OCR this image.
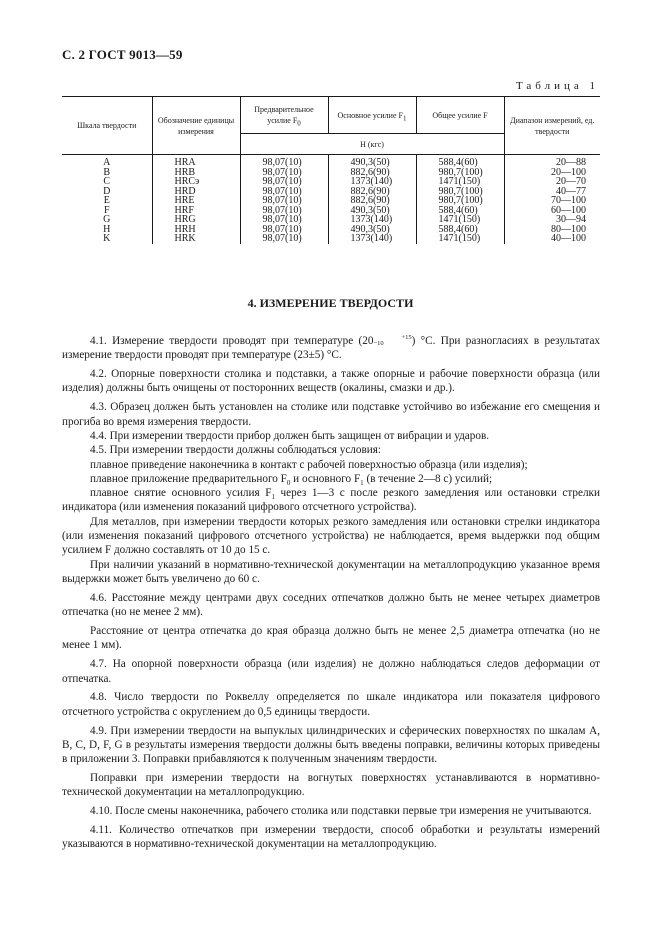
С. 2 ГОСТ 9013—59
Таблица 1
Шкала твердости	Обозначение единицы измерения	Предварительное усилие $F_0$	Основное усилие $F_1$	Общее усилие F	Диапазон измерений, ед. твердости
		Н (кгс)			
A	HRA	98,07(10)	490,3(50)	588,4(60)	20—88
B	HRB	98,07(10)	882,6(90)	980,7(100)	20—100
C	HRCэ	98,07(10)	1373(140)	1471(150)	20—70
D	HRD	98,07(10)	882,6(90)	980,7(100)	40—77
E	HRE	98,07(10)	882,6(90)	980,7(100)	70—100
F	HRF	98,07(10)	490,3(50)	588,4(60)	60—100
G	HRG	98,07(10)	1373(140)	1471(150)	30—94
H	HRH	98,07(10)	490,3(50)	588,4(60)	80—100
K	HRK	98,07(10)	1373(140)	1471(150)	40—100
4. ИЗМЕРЕНИЕ ТВЕРДОСТИ

4.1. Измерение твердости проводят при температуре (20	+15
−10	) °С. При разногласиях в результатах измерение твердости проводят при температуре (23±5) °С.

4.2. Опорные поверхности столика и подставки, а также опорные и рабочие поверхности образца (или изделия) должны быть очищены от посторонних веществ (окалины, смазки и др.).

4.3. Образец должен быть установлен на столике или подставке устойчиво во избежание его смещения и прогиба во время измерения твердости.

4.4. При измерении твердости прибор должен быть защищен от вибрации и ударов.

4.5. При измерении твердости должны соблюдаться условия:

плавное приведение наконечника в контакт с рабочей поверхностью образца (или изделия);

плавное приложение предварительного $F_0$ и основного $F_1$ (в течение 2—8 с) усилий;

плавное снятие основного усилия $F_1$ через 1—3 с после резкого замедления или остановки стрелки индикатора (или изменения показаний цифрового отсчетного устройства).

Для металлов, при измерении твердости которых резкого замедления или остановки стрелки индикатора (или изменения показаний цифрового отсчетного устройства) не наблюдается, время выдержки под общим усилием F должно составлять от 10 до 15 с.

При наличии указаний в нормативно-технической документации на металлопродукцию указанное время выдержки может быть увеличено до 60 с.

4.6. Расстояние между центрами двух соседних отпечатков должно быть не менее четырех диаметров отпечатка (но не менее 2 мм).

Расстояние от центра отпечатка до края образца должно быть не менее 2,5 диаметра отпечатка (но не менее 1 мм).

4.7. На опорной поверхности образца (или изделия) не должно наблюдаться следов деформации от отпечатка.

4.8. Число твердости по Роквеллу определяется по шкале индикатора или показателя цифрового отсчетного устройства с округлением до 0,5 единицы твердости.

4.9. При измерении твердости на выпуклых цилиндрических и сферических поверхностях по шкалам A, B, C, D, F, G в результаты измерения твердости должны быть введены поправки, величины которых приведены в приложении 3. Поправки прибавляются к полученным значениям твердости.

Поправки при измерении твердости на вогнутых поверхностях устанавливаются в нормативно-технической документации на металлопродукцию.

4.10. После смены наконечника, рабочего столика или подставки первые три измерения не учитываются.

4.11. Количество отпечатков при измерении твердости, способ обработки и результаты измерений указываются в нормативно-технической документации на металлопродукцию.
